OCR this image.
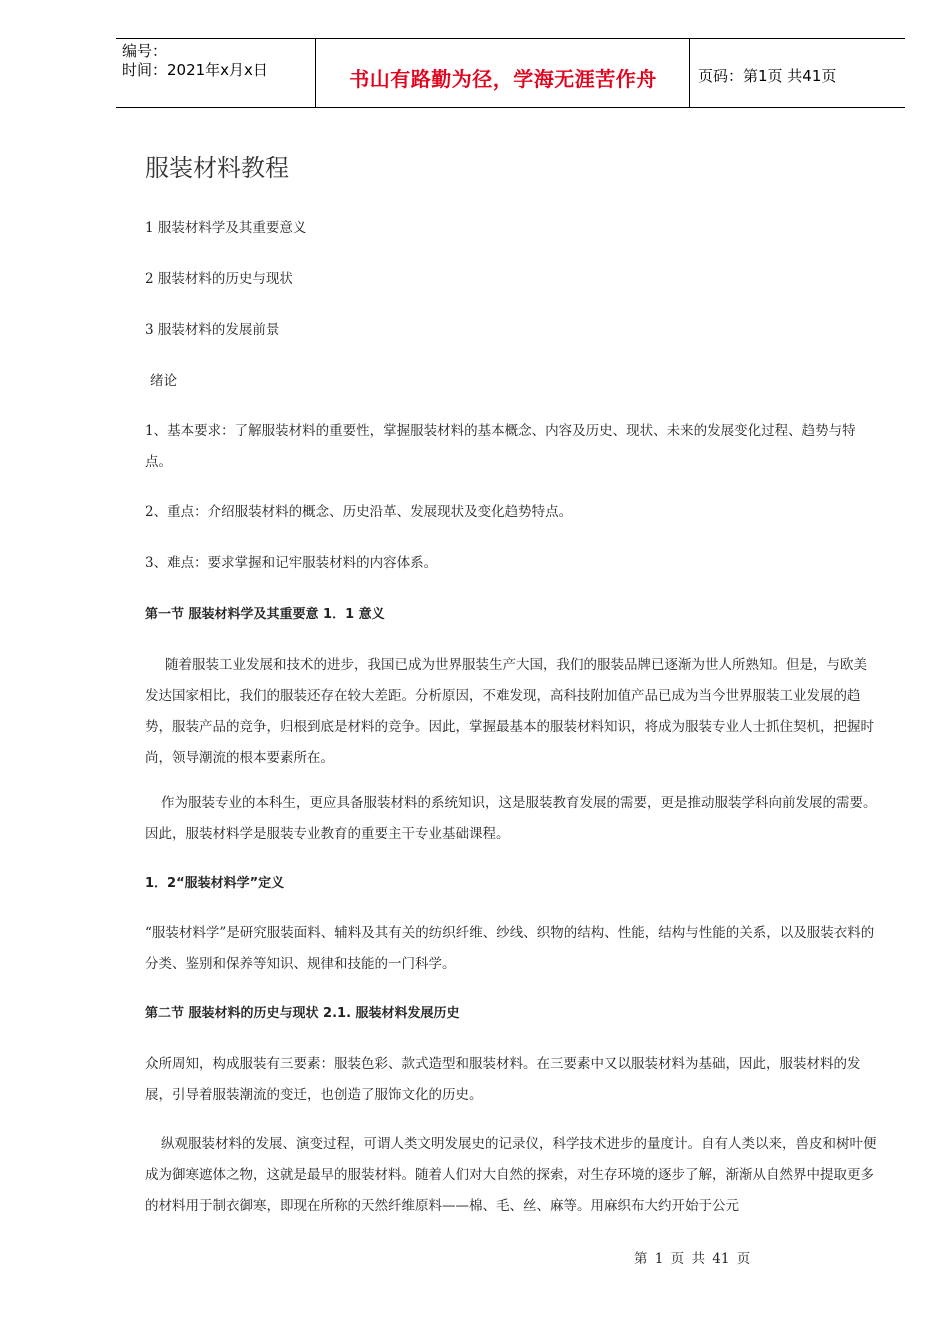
编号：
时间：2021年x月x日	书山有路勤为径，学海无涯苦作舟	页码：第1页 共41页
服装材料教程
1 服装材料学及其重要意义
2 服装材料的历史与现状
3 服装材料的发展前景
绪论
1、基本要求：了解服装材料的重要性，掌握服装材料的基本概念、内容及历史、现状、未来的发展变化过程、趋势与特点。
2、重点：介绍服装材料的概念、历史沿革、发展现状及变化趋势特点。
3、难点：要求掌握和记牢服装材料的内容体系。
第一节 服装材料学及其重要意 1．1 意义
随着服装工业发展和技术的进步，我国已成为世界服装生产大国，我们的服装品牌已逐渐为世人所熟知。但是，与欧美发达国家相比，我们的服装还存在较大差距。分析原因，不难发现，高科技附加值产品已成为当今世界服装工业发展的趋势，服装产品的竞争，归根到底是材料的竞争。因此，掌握最基本的服装材料知识，将成为服装专业人士抓住契机，把握时尚，领导潮流的根本要素所在。
作为服装专业的本科生，更应具备服装材料的系统知识，这是服装教育发展的需要，更是推动服装学科向前发展的需要。因此，服装材料学是服装专业教育的重要主干专业基础课程。
1．2“服装材料学”定义
“服装材料学”是研究服装面料、辅料及其有关的纺织纤维、纱线、织物的结构、性能，结构与性能的关系，以及服装衣料的分类、鉴别和保养等知识、规律和技能的一门科学。
第二节 服装材料的历史与现状 2.1. 服装材料发展历史
众所周知，构成服装有三要素：服装色彩、款式造型和服装材料。在三要素中又以服装材料为基础，因此，服装材料的发展，引导着服装潮流的变迁，也创造了服饰文化的历史。
纵观服装材料的发展、演变过程，可谓人类文明发展史的记录仪，科学技术进步的量度计。自有人类以来，兽皮和树叶便成为御寒遮体之物，这就是最早的服装材料。随着人们对大自然的探索，对生存环境的逐步了解，渐渐从自然界中提取更多的材料用于制衣御寒，即现在所称的天然纤维原料——棉、毛、丝、麻等。用麻织布大约开始于公元
第 1 页 共 41 页
